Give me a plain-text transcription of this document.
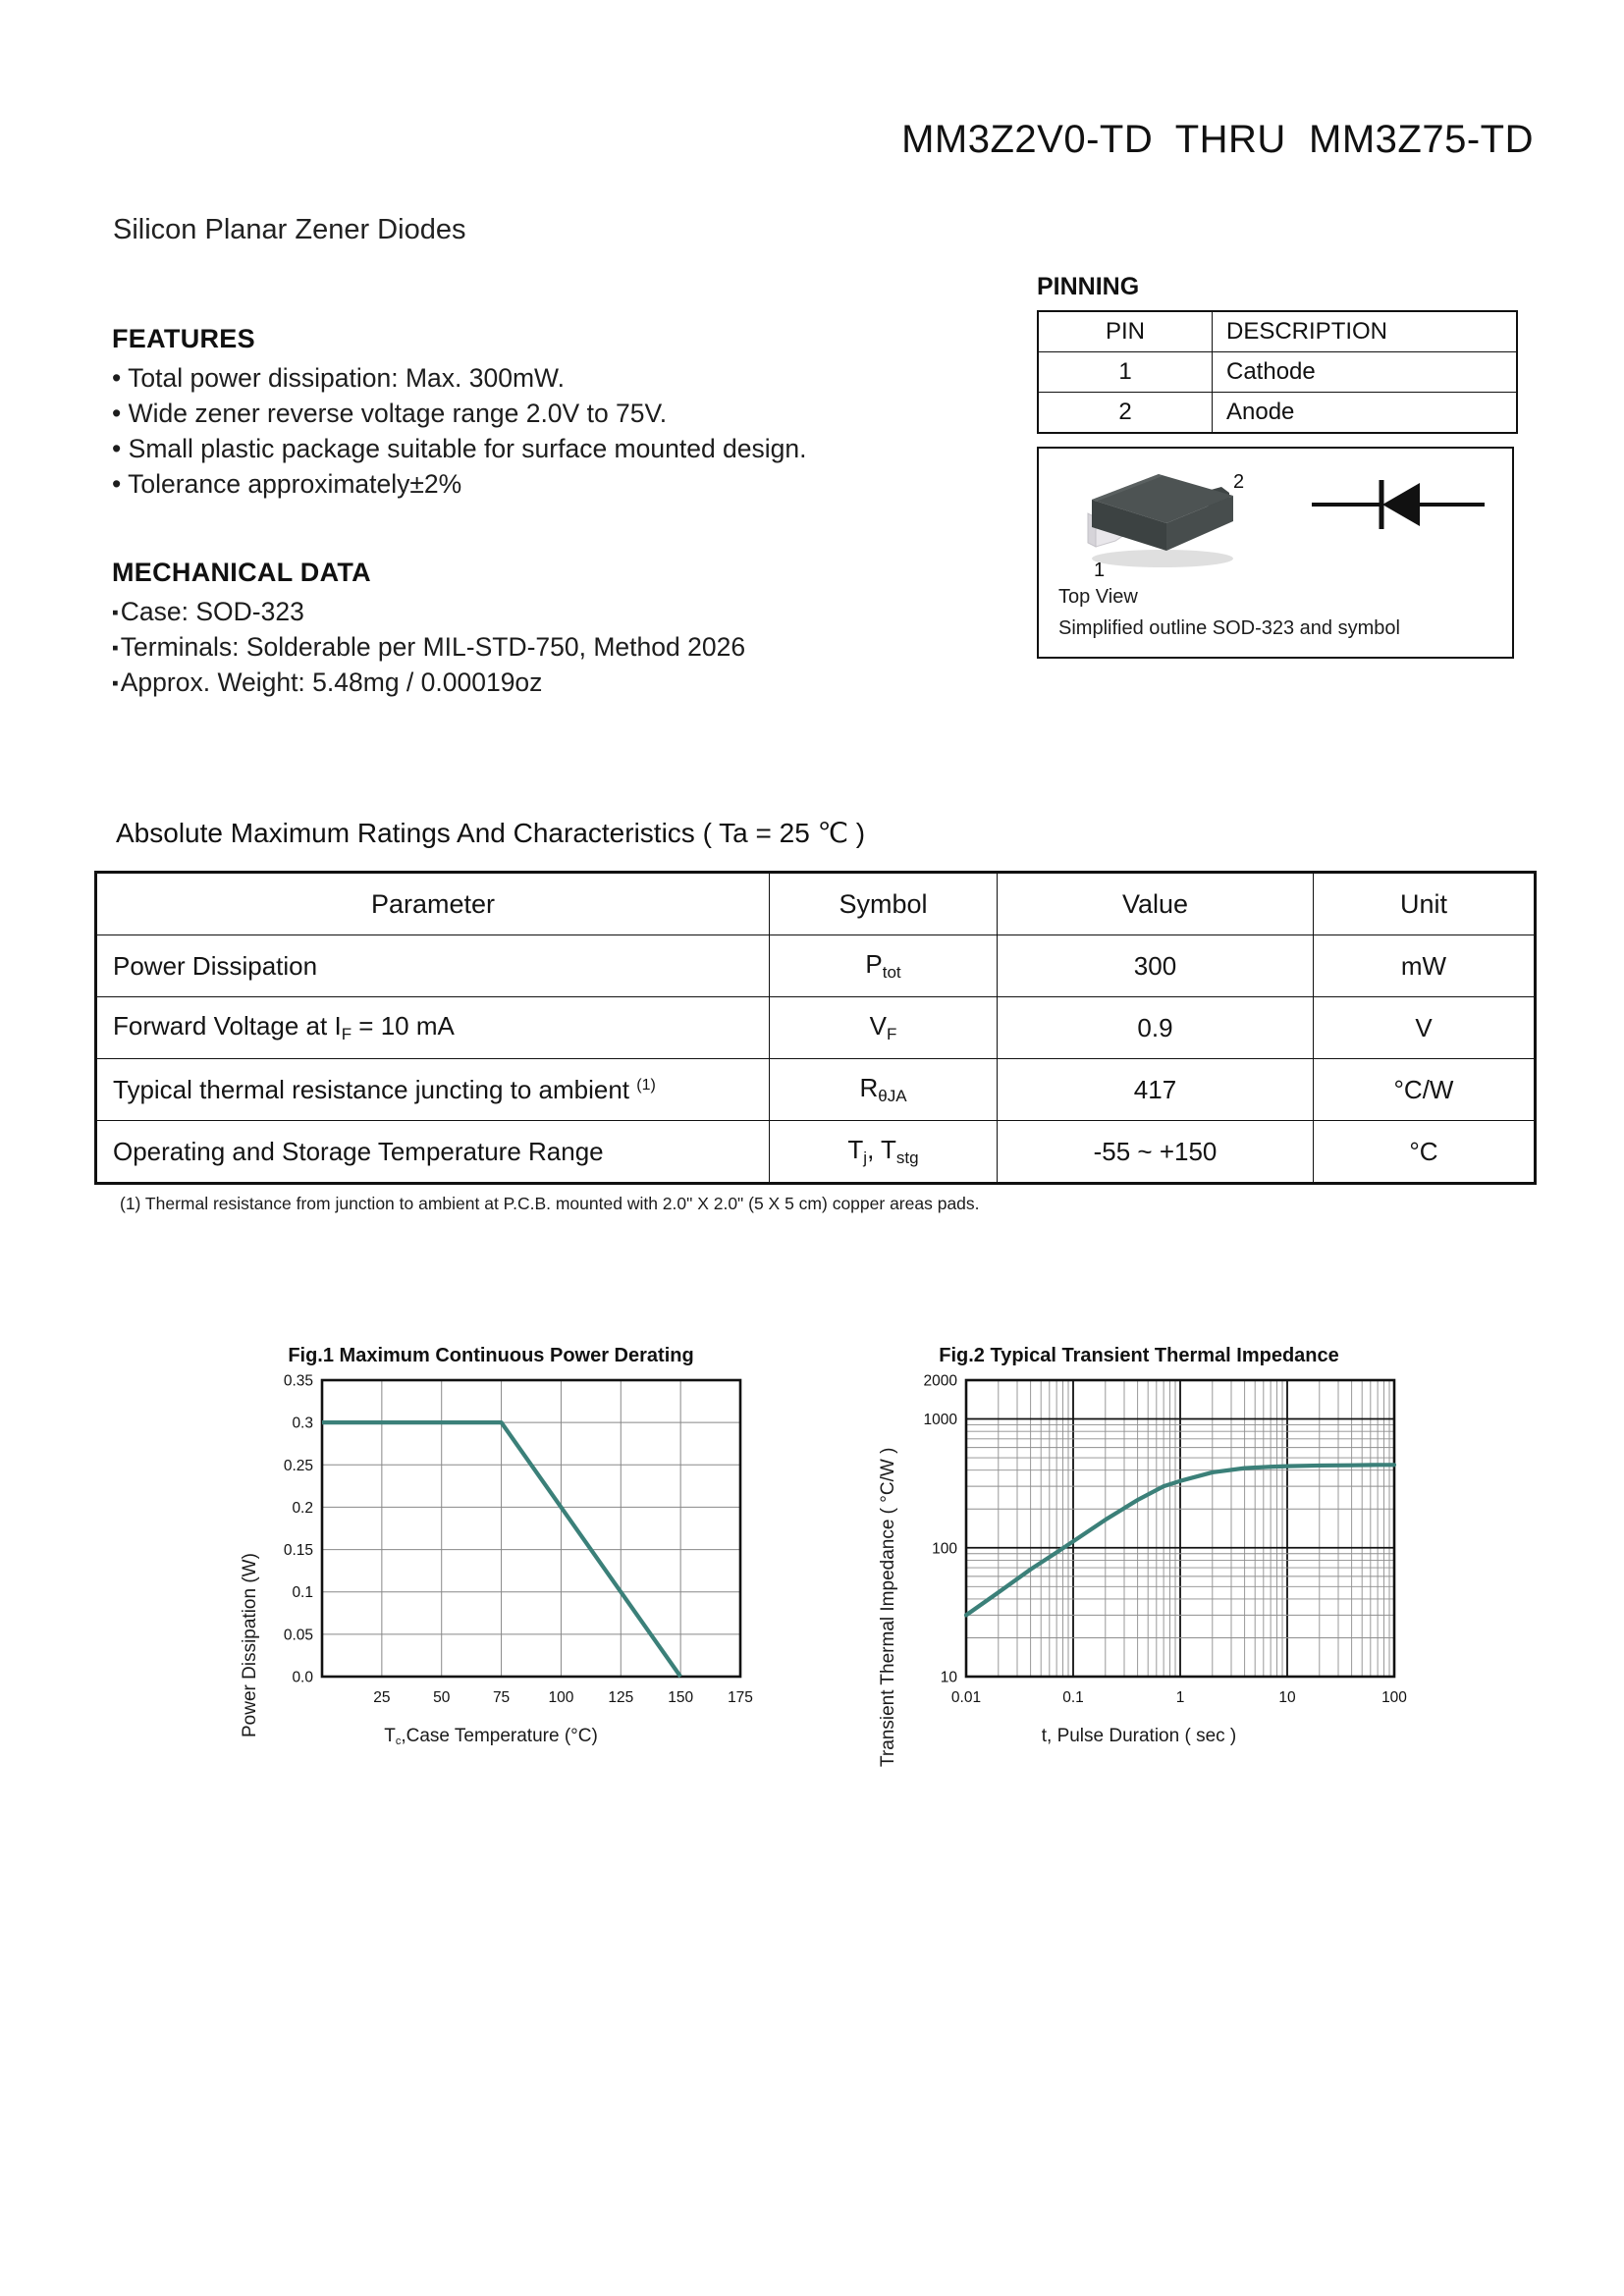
MM3Z2V0-TD  THRU  MM3Z75-TD
Silicon Planar Zener Diodes
FEATURES
• Total power dissipation: Max. 300mW.
• Wide zener reverse voltage range 2.0V to 75V.
• Small plastic package suitable for surface mounted design.
• Tolerance approximately±2%
MECHANICAL DATA
▪ Case: SOD-323
▪ Terminals: Solderable per MIL-STD-750, Method 2026
▪ Approx. Weight: 5.48mg / 0.00019oz
PINNING
PIN	DESCRIPTION
1	Cathode
2	Anode
2
1
Top View
Simplified outline SOD-323 and symbol
Absolute Maximum Ratings And Characteristics ( Ta = 25 ℃ )
Parameter	Symbol	Value	Unit
Power Dissipation	$P_{tot}$	300	mW
Forward Voltage at $I_F = 10$ mA	$V_F$	0.9	V
Typical thermal resistance juncting to ambient $^{(1)}$	$R_{\theta JA}$	417	°C/W
Operating and Storage Temperature Range	$T_j$, $T_{stg}$	-55 ~ +150	°C
(1) Thermal resistance from junction to ambient at P.C.B. mounted with 2.0" X 2.0" (5 X 5 cm) copper areas pads.
Fig.1 Maximum Continuous Power Derating
0.0
0.05
0.1
0.15
0.2
0.25
0.3
0.35
25	50	75	100 125 150 175
Power Dissipation (W)	Tc,Case Temperature (°C)
Fig.2 Typical Transient Thermal Impedance
10
100
1000
2000
0.01	0.1	1	10	100
Transient Thermal Impedance ( °C/W )	t, Pulse Duration ( sec )
